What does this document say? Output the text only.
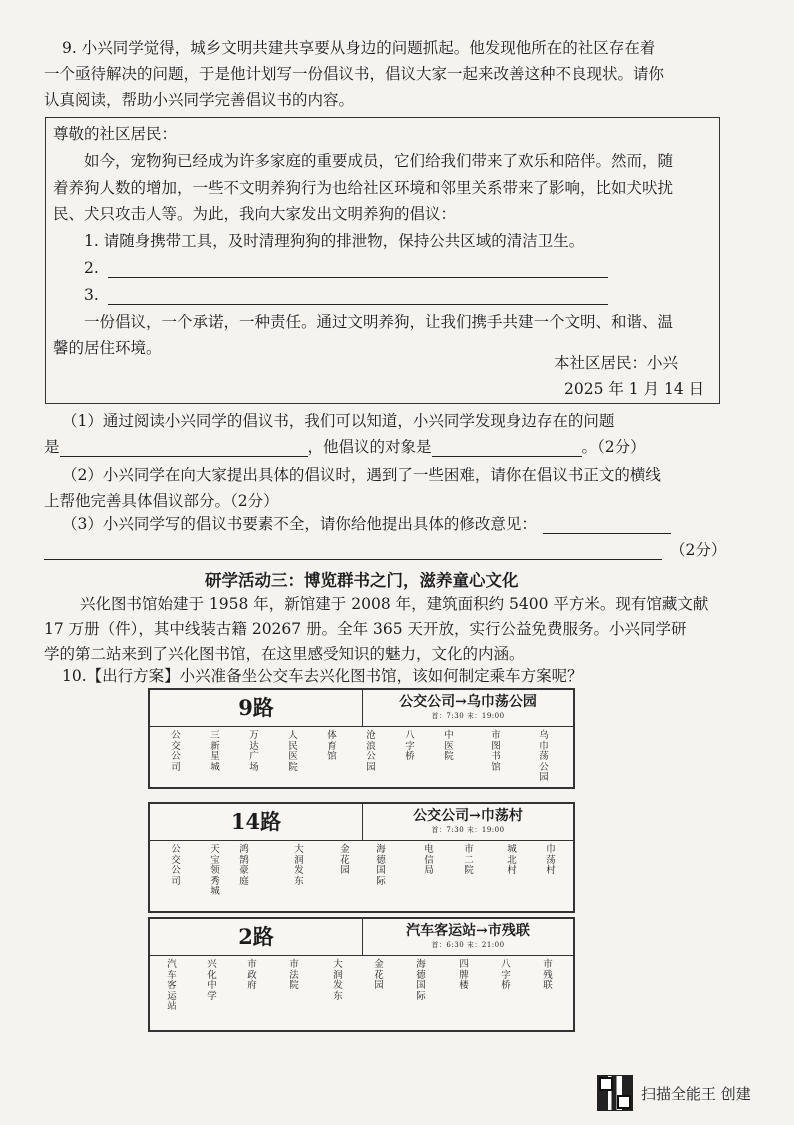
9. 小兴同学觉得，城乡文明共建共享要从身边的问题抓起。他发现他所在的社区存在着
一个亟待解决的问题，于是他计划写一份倡议书，倡议大家一起来改善这种不良现状。请你
认真阅读，帮助小兴同学完善倡议书的内容。
尊敬的社区居民：
如今，宠物狗已经成为许多家庭的重要成员，它们给我们带来了欢乐和陪伴。然而，随
着养狗人数的增加，一些不文明养狗行为也给社区环境和邻里关系带来了影响，比如犬吠扰
民、犬只攻击人等。为此，我向大家发出文明养狗的倡议：
1. 请随身携带工具，及时清理狗狗的排泄物，保持公共区域的清洁卫生。
2.
3.
一份倡议，一个承诺，一种责任。通过文明养狗，让我们携手共建一个文明、和谐、温
馨的居住环境。
本社区居民：小兴
2025 年 1 月 14 日
（1）通过阅读小兴同学的倡议书，我们可以知道，小兴同学发现身边存在的问题
是	，他倡议的对象是	。（2分）
（2）小兴同学在向大家提出具体的倡议时，遇到了一些困难，请你在倡议书正文的横线
上帮他完善具体倡议部分。（2分）
（3）小兴同学写的倡议书要素不全，请你给他提出具体的修改意见：
（2分）
研学活动三：博览群书之门，滋养童心文化
兴化图书馆始建于 1958 年，新馆建于 2008 年，建筑面积约 5400 平方米。现有馆藏文献
17 万册（件），其中线装古籍 20267 册。全年 365 天开放，实行公益免费服务。小兴同学研
学的第二站来到了兴化图书馆，在这里感受知识的魅力，文化的内涵。
10.【出行方案】小兴准备坐公交车去兴化图书馆，该如何制定乘车方案呢？
9路	公交公司→乌巾荡公园
首：7:30 末：19:00
公交公司
三新星城
万达广场
人民医院
体育馆
沧浪公园
八字桥
中医院
市图书馆
乌巾荡公园
14路	公交公司→巾荡村
首：7:30 末：19:00
公交公司
天宝领秀城
鸿鹄豪庭
大润发东
金花园
海德国际
电信局
市二院
城北村
巾荡村
2路	汽车客运站→市残联
首：6:30 末：21:00
汽车客运站
兴化中学
市政府
市法院
大润发东
金花园
海德国际
四牌楼
八字桥
市残联
扫描全能王 创建
